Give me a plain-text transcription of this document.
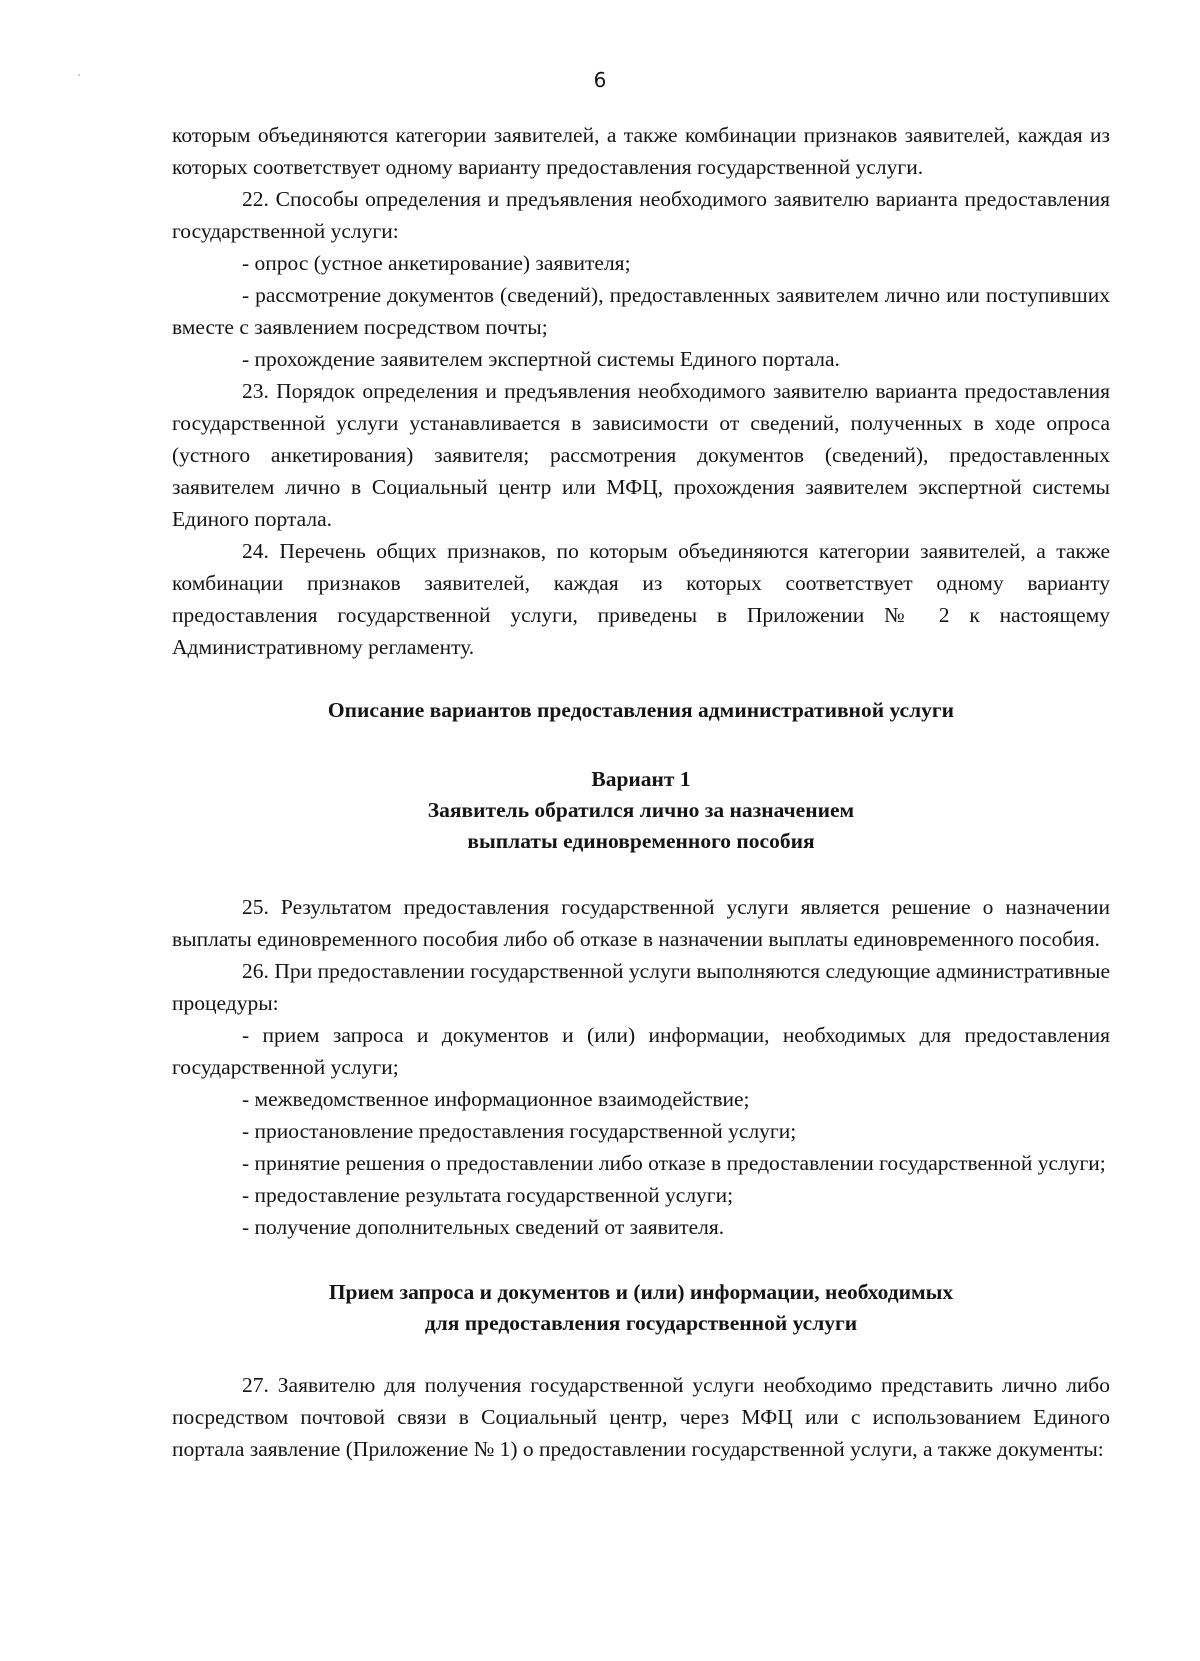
6

которым объединяются категории заявителей, а также комбинации признаков заявителей, каждая из которых соответствует одному варианту предоставления государственной услуги.

22. Способы определения и предъявления необходимого заявителю варианта предоставления государственной услуги:

- опрос (устное анкетирование) заявителя;

- рассмотрение документов (сведений), предоставленных заявителем лично или поступивших вместе с заявлением посредством почты;

- прохождение заявителем экспертной системы Единого портала.

23. Порядок определения и предъявления необходимого заявителю варианта предоставления государственной услуги устанавливается в зависимости от сведений, полученных в ходе опроса (устного анкетирования) заявителя; рассмотрения документов (сведений), предоставленных заявителем лично в Социальный центр или МФЦ, прохождения заявителем экспертной системы Единого портала.

24. Перечень общих признаков, по которым объединяются категории заявителей, а также комбинации признаков заявителей, каждая из которых соответствует одному варианту предоставления государственной услуги, приведены в Приложении № 2 к настоящему Административному регламенту.

Описание вариантов предоставления административной услуги

Вариант 1
Заявитель обратился лично за назначением
выплаты единовременного пособия

25. Результатом предоставления государственной услуги является решение о назначении выплаты единовременного пособия либо об отказе в назначении выплаты единовременного пособия.

26. При предоставлении государственной услуги выполняются следующие административные процедуры:

- прием запроса и документов и (или) информации, необходимых для предоставления государственной услуги;

- межведомственное информационное взаимодействие;

- приостановление предоставления государственной услуги;

- принятие решения о предоставлении либо отказе в предоставлении государственной услуги;

- предоставление результата государственной услуги;

- получение дополнительных сведений от заявителя.

Прием запроса и документов и (или) информации, необходимых
для предоставления государственной услуги

27. Заявителю для получения государственной услуги необходимо представить лично либо посредством почтовой связи в Социальный центр, через МФЦ или с использованием Единого портала заявление (Приложение № 1) о предоставлении государственной услуги, а также документы:
